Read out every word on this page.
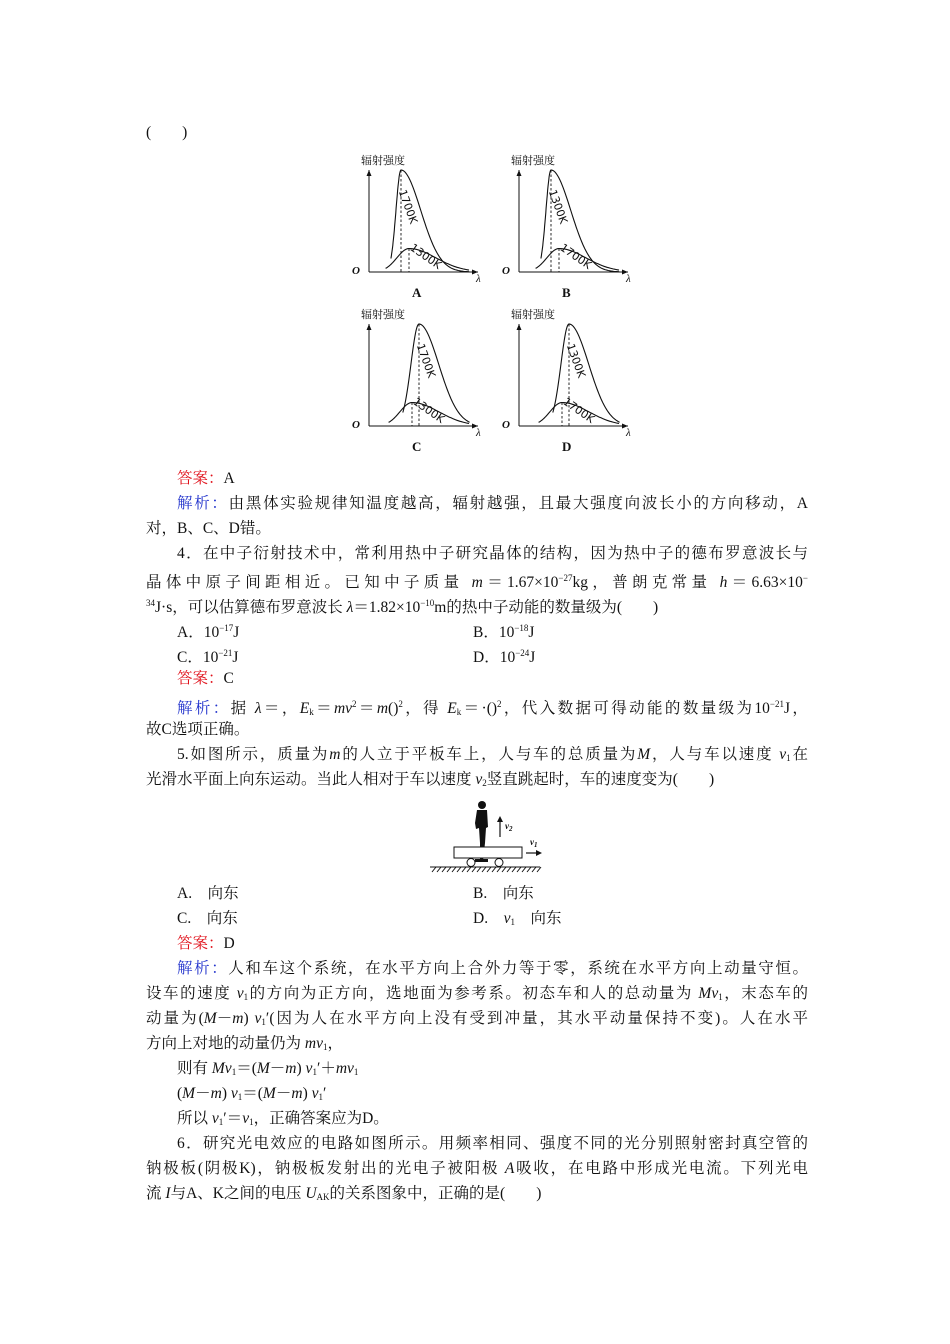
(　　)
1700K
1300K
辐射强度
O
λ
A
1300K
1700K
辐射强度
O
λ
B
1700K
1300K
辐射强度
O
λ
C
1300K
1700K
辐射强度
O
λ
D
答案：A
解析：由黑体实验规律知温度越高，辐射越强，且最大强度向波长小的方向移动，A
对，B、C、D错。
4．在中子衍射技术中，常利用热中子研究晶体的结构，因为热中子的德布罗意波长与
晶体中原子间距相近。已知中子质量 $m=1.67\times 10^{-27}kg$，普朗克常量 h＝6.63×10−
$^{34}$J·s，可以估算德布罗意波长 $\lambda=1.82\times 10^{-10}m$的热中子动能的数量级为(　　)
A．$10^{-17}J$	B．$10^{-18}J$
C．$10^{-21}J$	D．$10^{-24}J$
答案：C
解析：据 λ＝，$E_k=mv^2=m()^2$，得 $E_k=\cdot()^2$，代入数据可得动能的数量级为$10^{-21}J$，
故C选项正确。
5.如图所示，质量为m的人立于平板车上，人与车的总质量为M，人与车以速度 $v_1$在
光滑水平面上向东运动。当此人相对于车以速度 $v_2$竖直跳起时，车的速度变为(　　)
$v_2$
$v_1$
A.　向东	B.　向东
C.　向东	D.　$v_1$　向东
答案：D
解析：人和车这个系统，在水平方向上合外力等于零，系统在水平方向上动量守恒。
设车的速度 $v_1$的方向为正方向，选地面为参考系。初态车和人的总动量为 $Mv_1$，末态车的
动量为(M－m) $v_1'$(因为人在水平方向上没有受到冲量，其水平动量保持不变)。人在水平
方向上对地的动量仍为 $mv_1$，
则有 $Mv_1=(M-m)$ $v_1'+mv_1$
(M－m) $v_1=(M-m)$ $v_1'$
所以 $v_1'=v_1$，正确答案应为D。
6．研究光电效应的电路如图所示。用频率相同、强度不同的光分别照射密封真空管的
钠极板(阴极K)，钠极板发射出的光电子被阳极 A吸收，在电路中形成光电流。下列光电
流 I与A、K之间的电压 $U_{AK}$的关系图象中，正确的是(　　)
